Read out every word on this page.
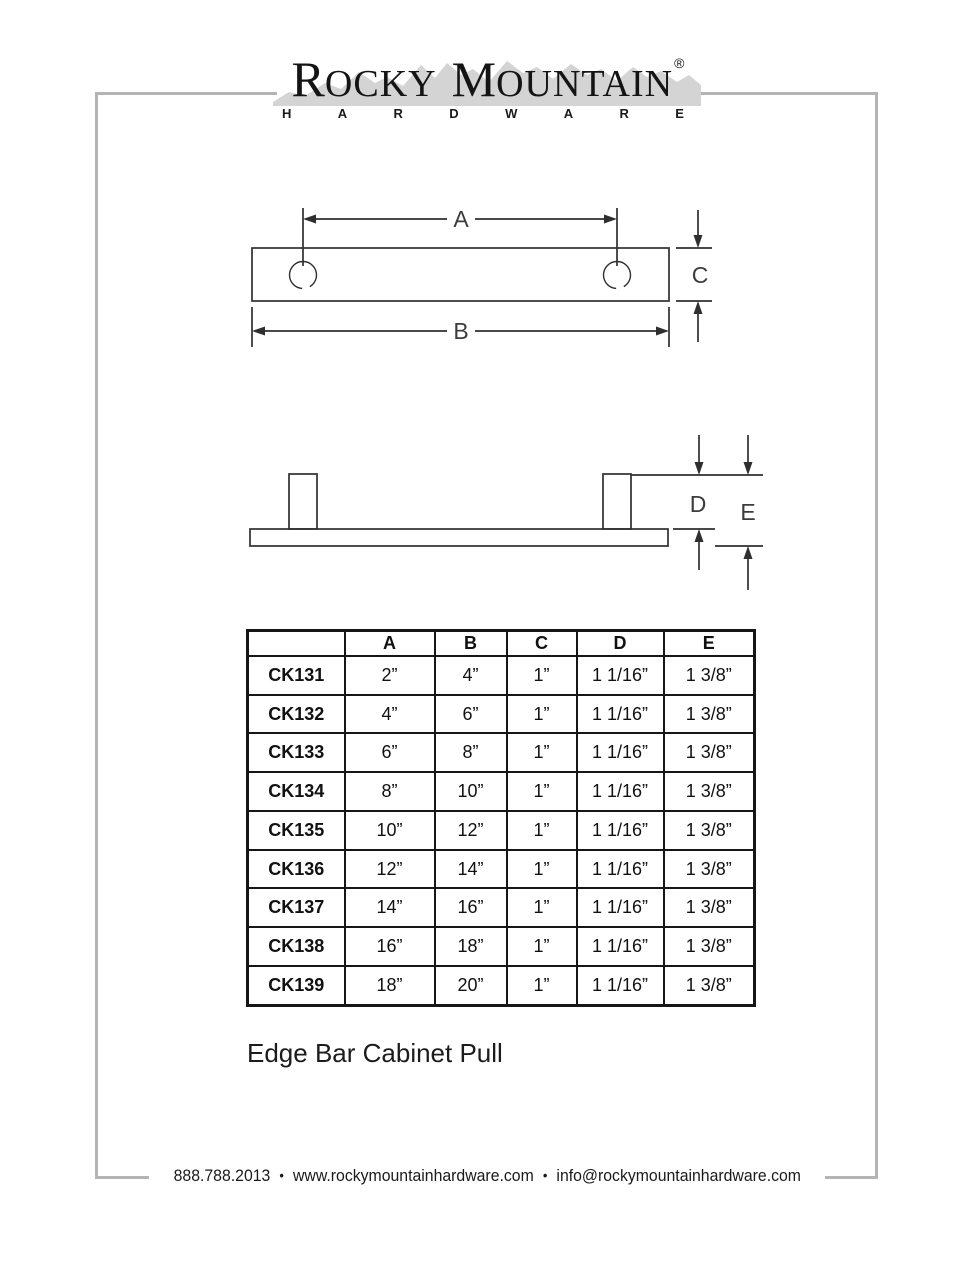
ROCKY MOUNTAIN®
H	A	R	D	W	A	R	E
A
B
C
D E
	A	B	C	D	E
CK131	2”	4”	1”	1 1/16”	1 3/8”
CK132	4”	6”	1”	1 1/16”	1 3/8”
CK133	6”	8”	1”	1 1/16”	1 3/8”
CK134	8”	10”	1”	1 1/16”	1 3/8”
CK135	10”	12”	1”	1 1/16”	1 3/8”
CK136	12”	14”	1”	1 1/16”	1 3/8”
CK137	14”	16”	1”	1 1/16”	1 3/8”
CK138	16”	18”	1”	1 1/16”	1 3/8”
CK139	18”	20”	1”	1 1/16”	1 3/8”
Edge Bar Cabinet Pull
888.788.2013 • www.rockymountainhardware.com • info@rockymountainhardware.com
